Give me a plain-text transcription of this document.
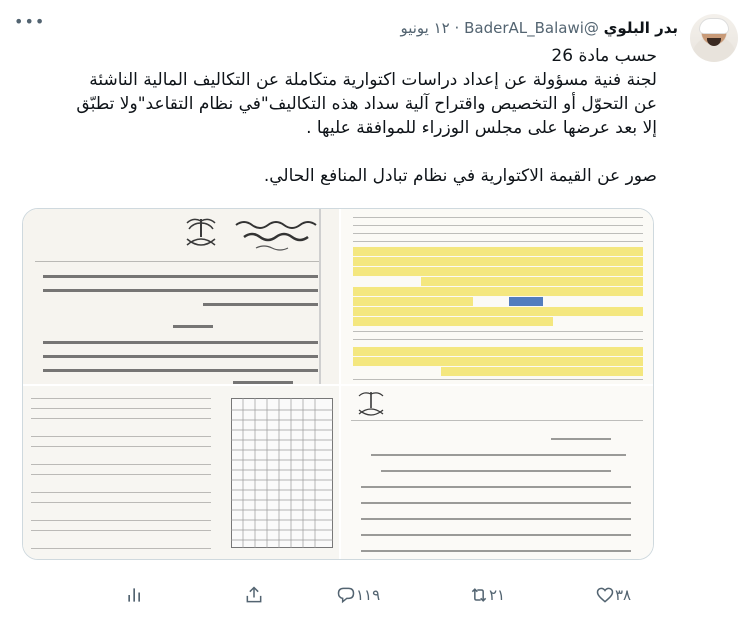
بدر البلوي @BaderAL_Balawi · ١٢ يونيو
•••

حسب مادة 26

لجنة فنية مسؤولة عن إعداد دراسات اكتوارية متكاملة عن التكاليف المالية الناشئة

عن التحوّل أو التخصيص واقتراح آلية سداد هذه التكاليف"في نظام التقاعد"ولا تطبّق

إلا بعد عرضها على مجلس الوزراء للموافقة عليها .

صور عن القيمة الاكتوارية في نظام تبادل المنافع الحالي.

٣٨
٢١
١١٩
